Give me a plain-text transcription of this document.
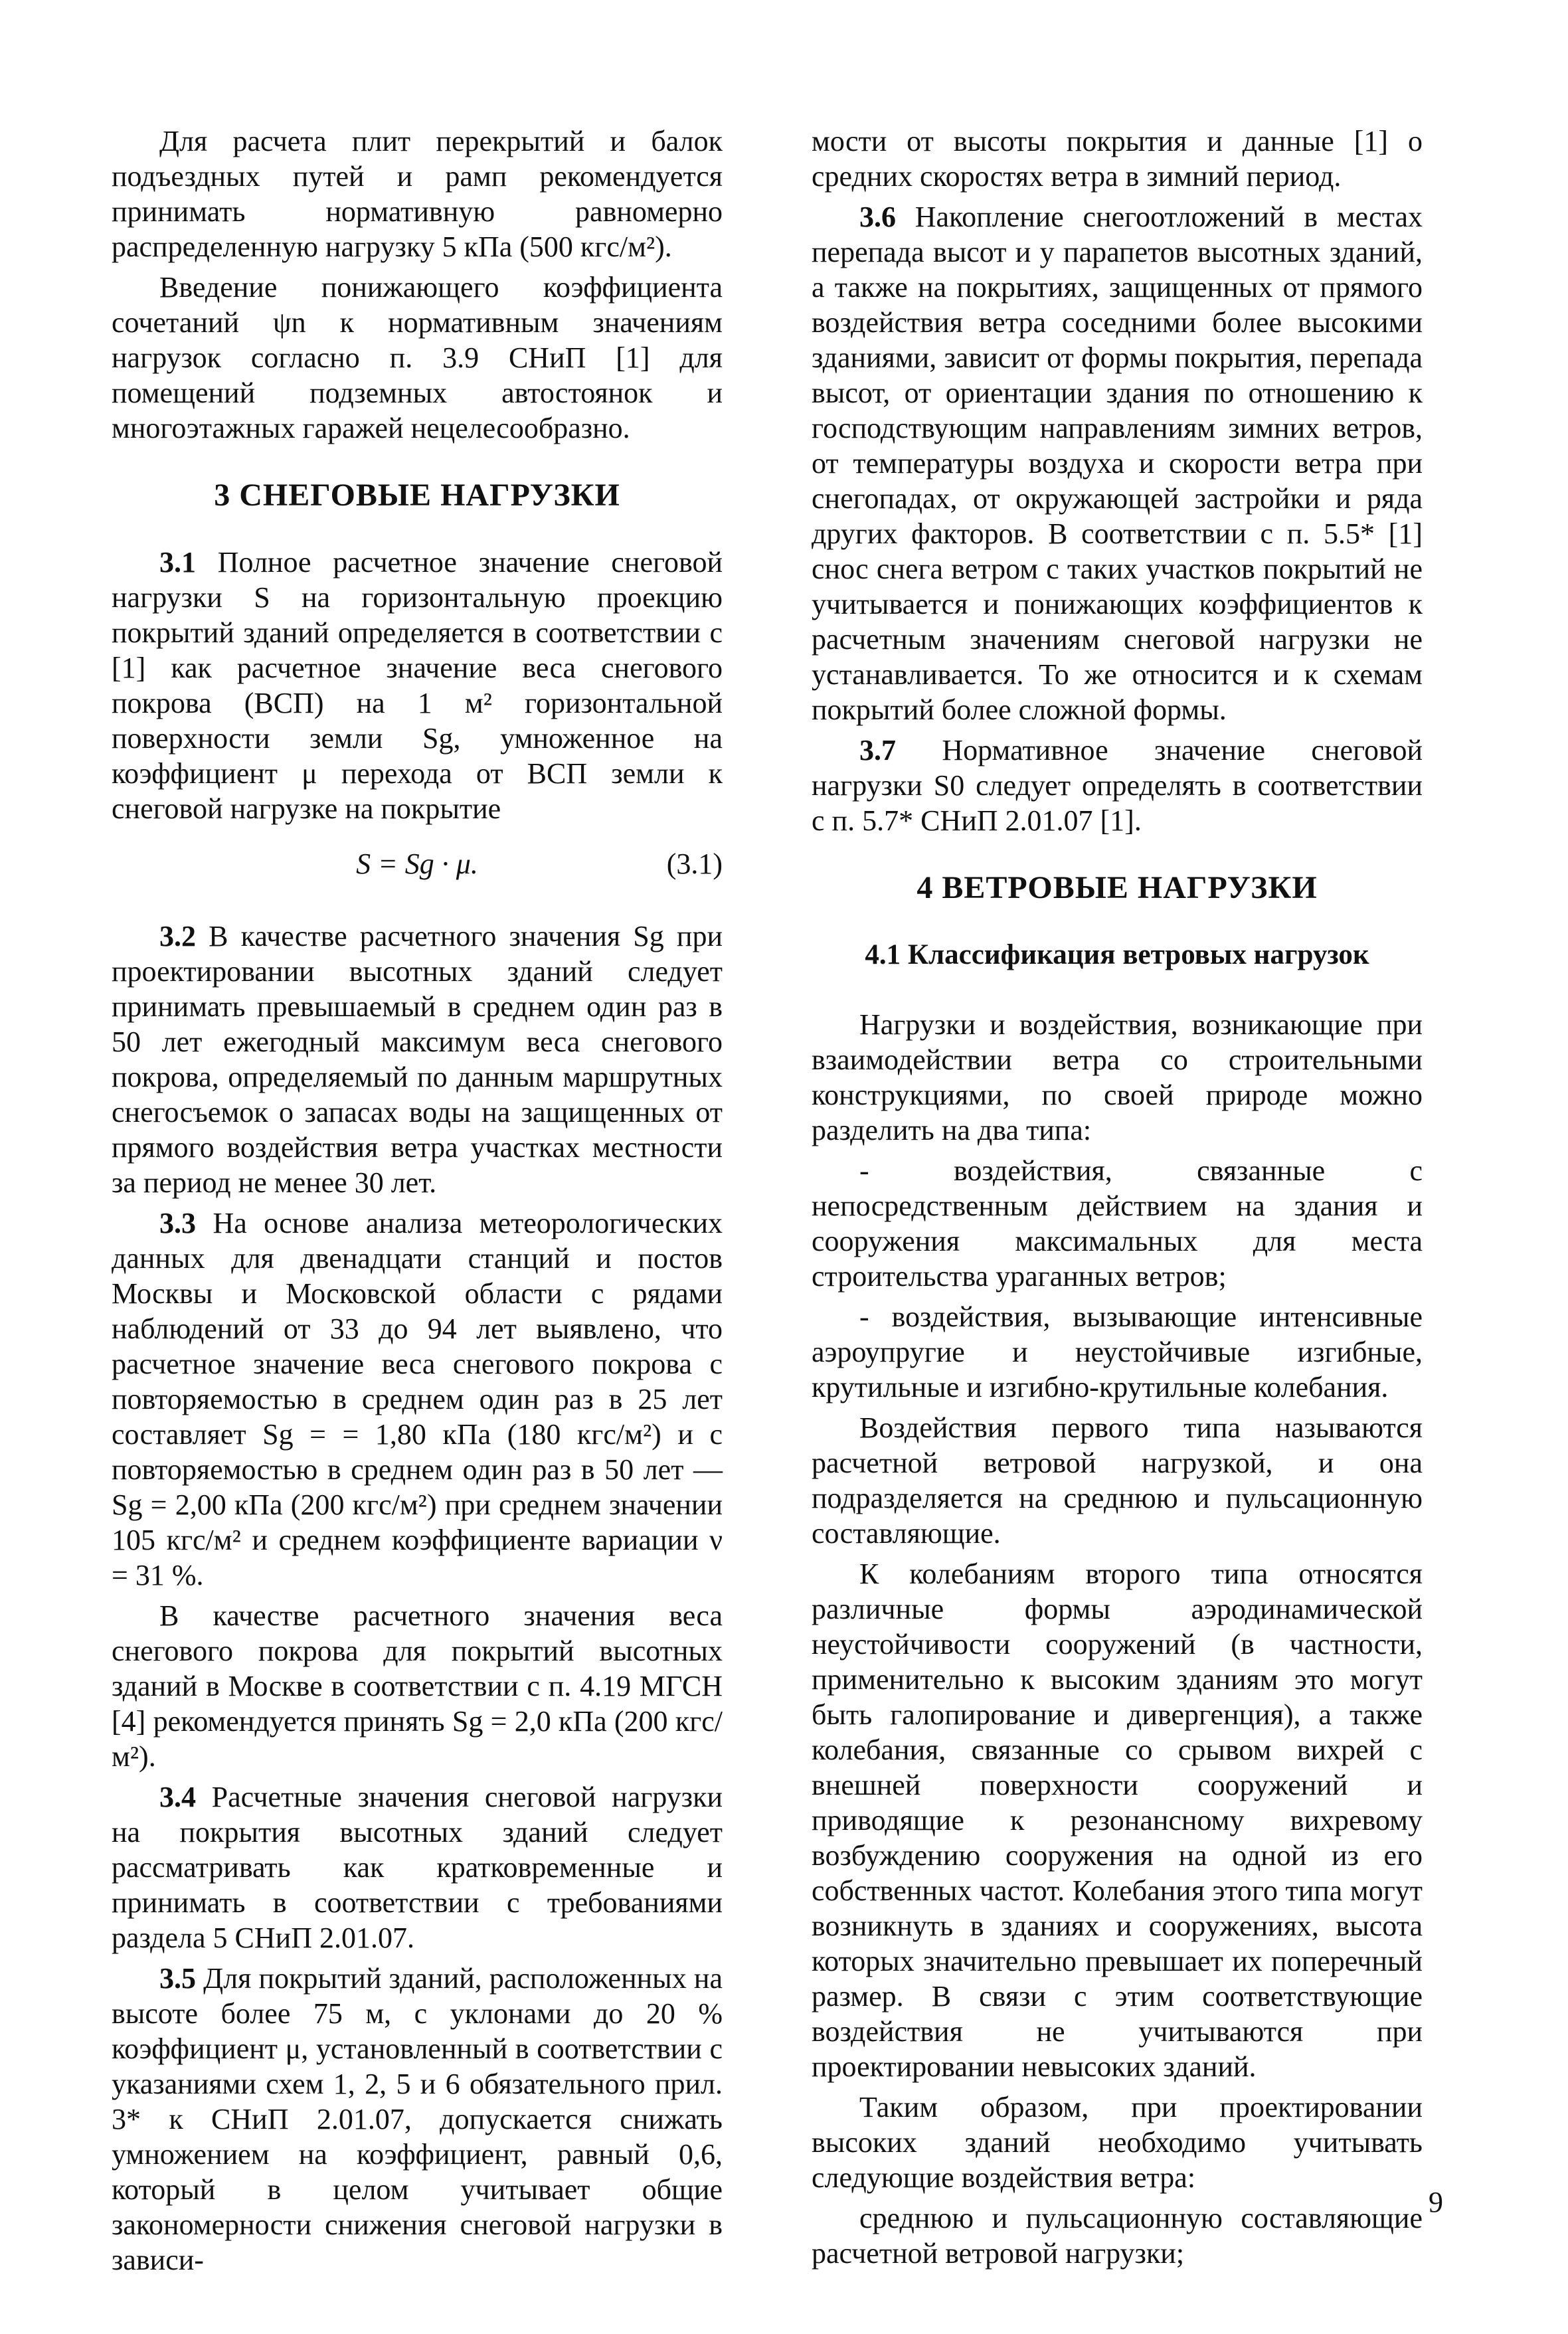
Для расчета плит перекрытий и балок подъездных путей и рамп рекомендуется принимать нормативную равномерно распределенную нагрузку 5 кПа (500 кгс/м²).

Введение понижающего коэффициента сочетаний ψn к нормативным значениям нагрузок согласно п. 3.9 СНиП [1] для помещений подземных автостоянок и многоэтажных гаражей нецелесообразно.

3 СНЕГОВЫЕ НАГРУЗКИ

3.1 Полное расчетное значение снеговой нагрузки S на горизонтальную проекцию покрытий зданий определяется в соответствии с [1] как расчетное значение веса снегового покрова (ВСП) на 1 м² горизонтальной поверхности земли Sg, умноженное на коэффициент μ перехода от ВСП земли к снеговой нагрузке на покрытие

S = Sg · μ.	(3.1)

3.2 В качестве расчетного значения Sg при проектировании высотных зданий следует принимать превышаемый в среднем один раз в 50 лет ежегодный максимум веса снегового покрова, определяемый по данным маршрутных снегосъемок о запасах воды на защищенных от прямого воздействия ветра участках местности за период не менее 30 лет.

3.3 На основе анализа метеорологических данных для двенадцати станций и постов Москвы и Московской области с рядами наблюдений от 33 до 94 лет выявлено, что расчетное значение веса снегового покрова с повторяемостью в среднем один раз в 25 лет составляет Sg = = 1,80 кПа (180 кгс/м²) и с повторяемостью в среднем один раз в 50 лет — Sg = 2,00 кПа (200 кгс/м²) при среднем значении 105 кгс/м² и среднем коэффициенте вариации ν = 31 %.

В качестве расчетного значения веса снегового покрова для покрытий высотных зданий в Москве в соответствии с п. 4.19 МГСН [4] рекомендуется принять Sg = 2,0 кПа (200 кгс/м²).

3.4 Расчетные значения снеговой нагрузки на покрытия высотных зданий следует рассматривать как кратковременные и принимать в соответствии с требованиями раздела 5 СНиП 2.01.07.

3.5 Для покрытий зданий, расположенных на высоте более 75 м, с уклонами до 20 % коэффициент μ, установленный в соответствии с указаниями схем 1, 2, 5 и 6 обязательного прил. 3* к СНиП 2.01.07, допускается снижать умножением на коэффициент, равный 0,6, который в целом учитывает общие закономерности снижения снеговой нагрузки в зависи-

мости от высоты покрытия и данные [1] о средних скоростях ветра в зимний период.

3.6 Накопление снегоотложений в местах перепада высот и у парапетов высотных зданий, а также на покрытиях, защищенных от прямого воздействия ветра соседними более высокими зданиями, зависит от формы покрытия, перепада высот, от ориентации здания по отношению к господствующим направлениям зимних ветров, от температуры воздуха и скорости ветра при снегопадах, от окружающей застройки и ряда других факторов. В соответствии с п. 5.5* [1] снос снега ветром с таких участков покрытий не учитывается и понижающих коэффициентов к расчетным значениям снеговой нагрузки не устанавливается. То же относится и к схемам покрытий более сложной формы.

3.7 Нормативное значение снеговой нагрузки S0 следует определять в соответствии с п. 5.7* СНиП 2.01.07 [1].

4 ВЕТРОВЫЕ НАГРУЗКИ
4.1 Классификация ветровых нагрузок

Нагрузки и воздействия, возникающие при взаимодействии ветра со строительными конструкциями, по своей природе можно разделить на два типа:

- воздействия, связанные с непосредственным действием на здания и сооружения максимальных для места строительства ураганных ветров;

- воздействия, вызывающие интенсивные аэроупругие и неустойчивые изгибные, крутильные и изгибно-крутильные колебания.

Воздействия первого типа называются расчетной ветровой нагрузкой, и она подразделяется на среднюю и пульсационную составляющие.

К колебаниям второго типа относятся различные формы аэродинамической неустойчивости сооружений (в частности, применительно к высоким зданиям это могут быть галопирование и дивергенция), а также колебания, связанные со срывом вихрей с внешней поверхности сооружений и приводящие к резонансному вихревому возбуждению сооружения на одной из его собственных частот. Колебания этого типа могут возникнуть в зданиях и сооружениях, высота которых значительно превышает их поперечный размер. В связи с этим соответствующие воздействия не учитываются при проектировании невысоких зданий.

Таким образом, при проектировании высоких зданий необходимо учитывать следующие воздействия ветра:

среднюю и пульсационную составляющие расчетной ветровой нагрузки;

9
